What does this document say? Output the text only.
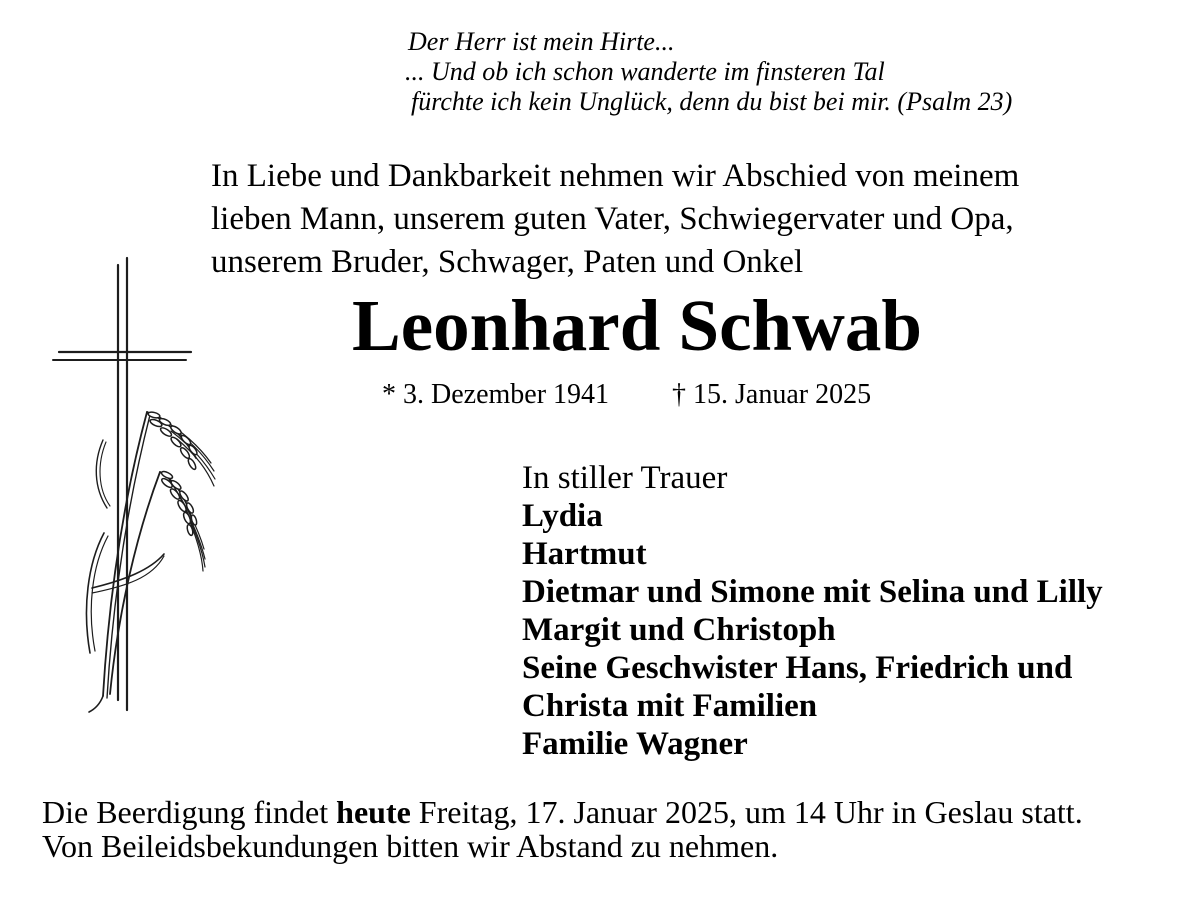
Der Herr ist mein Hirte...
... Und ob ich schon wanderte im finsteren Tal
fürchte ich kein Unglück, denn du bist bei mir. (Psalm 23)
In Liebe und Dankbarkeit nehmen wir Abschied von meinem
lieben Mann, unserem guten Vater, Schwiegervater und Opa,
unserem Bruder, Schwager, Paten und Onkel
Leonhard Schwab
* 3. Dezember 1941 † 15. Januar 2025
In stiller Trauer
Lydia
Hartmut
Dietmar und Simone mit Selina und Lilly
Margit und Christoph
Seine Geschwister Hans, Friedrich und
Christa mit Familien
Familie Wagner
Die Beerdigung findet heute Freitag, 17. Januar 2025, um 14 Uhr in Geslau statt.
Von Beileidsbekundungen bitten wir Abstand zu nehmen.
